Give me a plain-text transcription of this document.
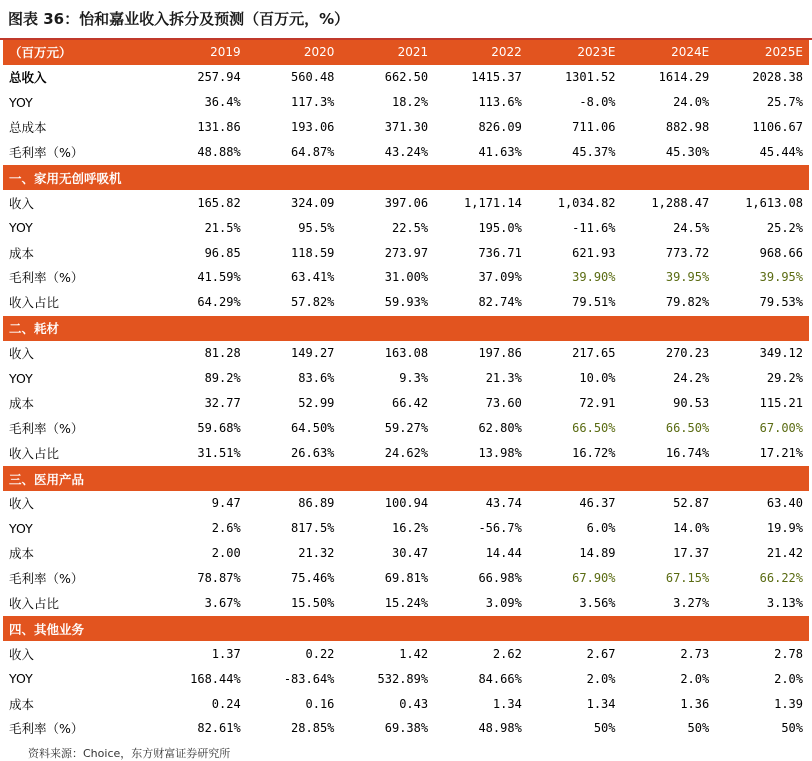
图表 36：怡和嘉业收入拆分及预测（百万元，%）
（百万元）	2019	2020	2021	2022	2023E	2024E	2025E
总收入	257.94	560.48	662.50	1415.37	1301.52	1614.29	2028.38
YOY	36.4%	117.3%	18.2%	113.6%	-8.0%	24.0%	25.7%
总成本	131.86	193.06	371.30	826.09	711.06	882.98	1106.67
毛利率（%）	48.88%	64.87%	43.24%	41.63%	45.37%	45.30%	45.44%
一、家用无创呼吸机							
收入	165.82	324.09	397.06	1,171.14	1,034.82	1,288.47	1,613.08
YOY	21.5%	95.5%	22.5%	195.0%	-11.6%	24.5%	25.2%
成本	96.85	118.59	273.97	736.71	621.93	773.72	968.66
毛利率（%）	41.59%	63.41%	31.00%	37.09%	39.90%	39.95%	39.95%
收入占比	64.29%	57.82%	59.93%	82.74%	79.51%	79.82%	79.53%
二、耗材							
收入	81.28	149.27	163.08	197.86	217.65	270.23	349.12
YOY	89.2%	83.6%	9.3%	21.3%	10.0%	24.2%	29.2%
成本	32.77	52.99	66.42	73.60	72.91	90.53	115.21
毛利率（%）	59.68%	64.50%	59.27%	62.80%	66.50%	66.50%	67.00%
收入占比	31.51%	26.63%	24.62%	13.98%	16.72%	16.74%	17.21%
三、医用产品							
收入	9.47	86.89	100.94	43.74	46.37	52.87	63.40
YOY	2.6%	817.5%	16.2%	-56.7%	6.0%	14.0%	19.9%
成本	2.00	21.32	30.47	14.44	14.89	17.37	21.42
毛利率（%）	78.87%	75.46%	69.81%	66.98%	67.90%	67.15%	66.22%
收入占比	3.67%	15.50%	15.24%	3.09%	3.56%	3.27%	3.13%
四、其他业务							
收入	1.37	0.22	1.42	2.62	2.67	2.73	2.78
YOY	168.44%	-83.64%	532.89%	84.66%	2.0%	2.0%	2.0%
成本	0.24	0.16	0.43	1.34	1.34	1.36	1.39
毛利率（%）	82.61%	28.85%	69.38%	48.98%	50%	50%	50%
资料来源：Choice，东方财富证券研究所
